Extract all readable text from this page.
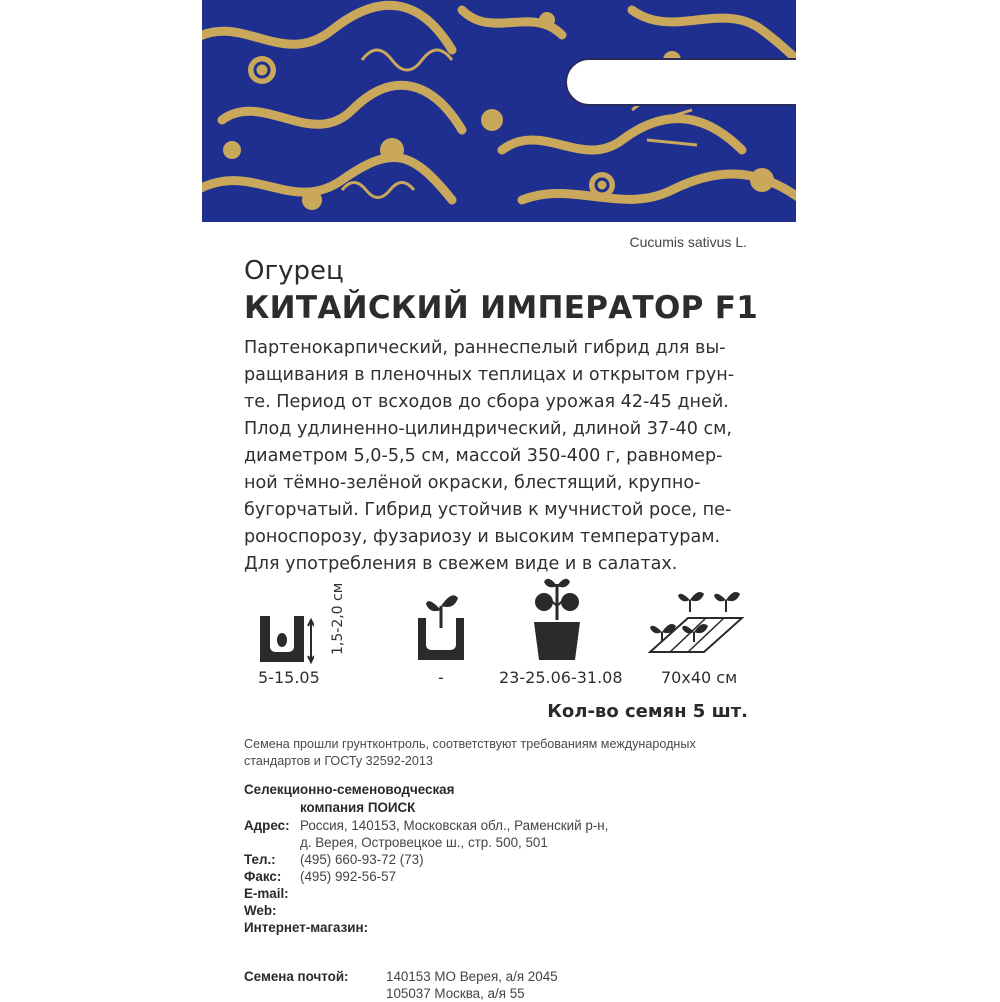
Cucumis sativus L.
Огурец
КИТАЙСКИЙ ИМПЕРАТОР F1
Партенокарпический, раннеспелый гибрид для вы-
ращивания в пленочных теплицах и открытом грун-
те. Период от всходов до сбора урожая 42-45 дней.
Плод удлиненно-цилиндрический, длиной 37-40 см,
диаметром 5,0-5,5 см, массой 350-400 г, равномер-
ной тёмно-зелёной окраски, блестящий, крупно-
бугорчатый. Гибрид устойчив к мучнистой росе, пе-
роноспорозу, фузариозу и высоким температурам.
Для употребления в свежем виде и в салатах.
1,5-2,0 см
5-15.05	-	23-25.06-31.08 70х40 см
Кол-во семян 5 шт.
Семена прошли грунтконтроль, соответствуют требованиям международных
стандартов и ГОСТу 32592-2013
Селекционно-семеноводческая
компания ПОИСК
Адрес: Россия, 140153, Московская обл., Раменский р-н,
д. Верея, Островецкое ш., стр. 500, 501
Тел.: (495) 660-93-72 (73)
Факс: (495) 992-56-57
E-mail:
Web:
Интернет-магазин:
Семена почтой:	140153 МО Верея, а/я 2045
105037 Москва, а/я 55
